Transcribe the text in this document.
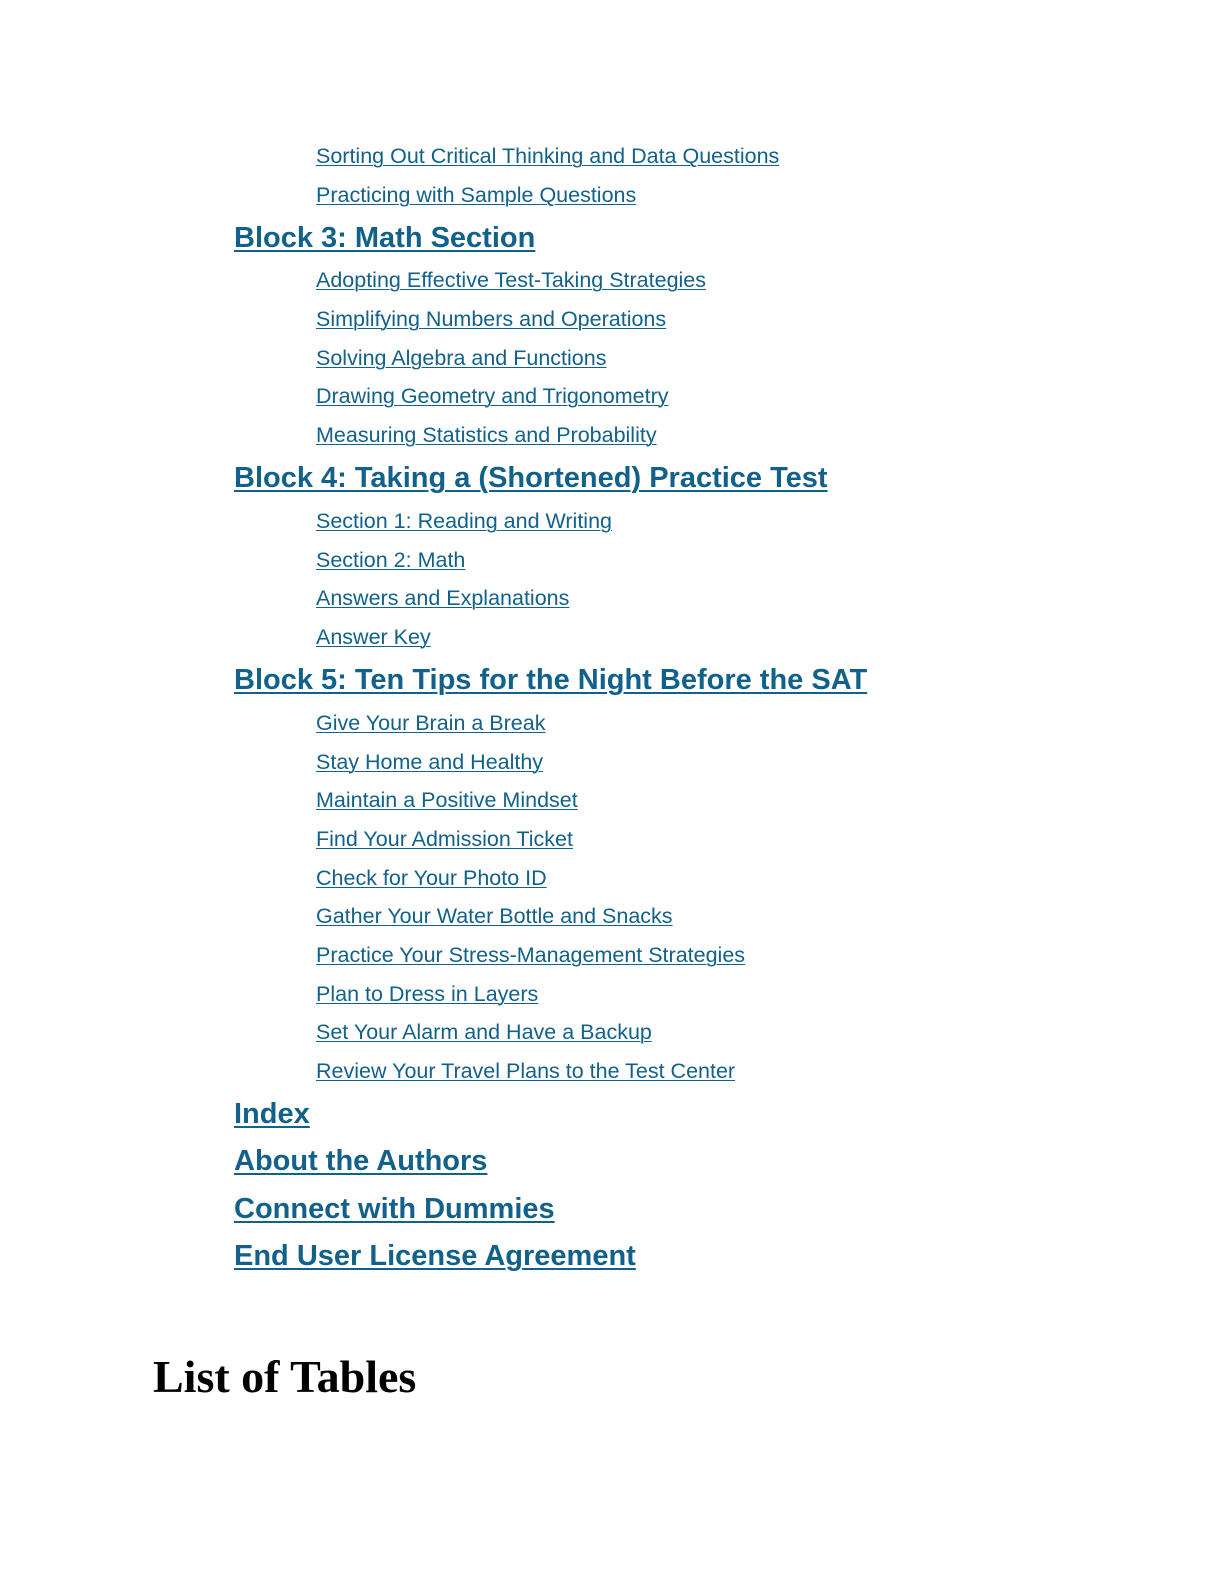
Sorting Out Critical Thinking and Data Questions
Practicing with Sample Questions
Block 3: Math Section
Adopting Effective Test-Taking Strategies
Simplifying Numbers and Operations
Solving Algebra and Functions
Drawing Geometry and Trigonometry
Measuring Statistics and Probability
Block 4: Taking a (Shortened) Practice Test
Section 1: Reading and Writing
Section 2: Math
Answers and Explanations
Answer Key
Block 5: Ten Tips for the Night Before the SAT
Give Your Brain a Break
Stay Home and Healthy
Maintain a Positive Mindset
Find Your Admission Ticket
Check for Your Photo ID
Gather Your Water Bottle and Snacks
Practice Your Stress-Management Strategies
Plan to Dress in Layers
Set Your Alarm and Have a Backup
Review Your Travel Plans to the Test Center
Index
About the Authors
Connect with Dummies
End User License Agreement
List of Tables
